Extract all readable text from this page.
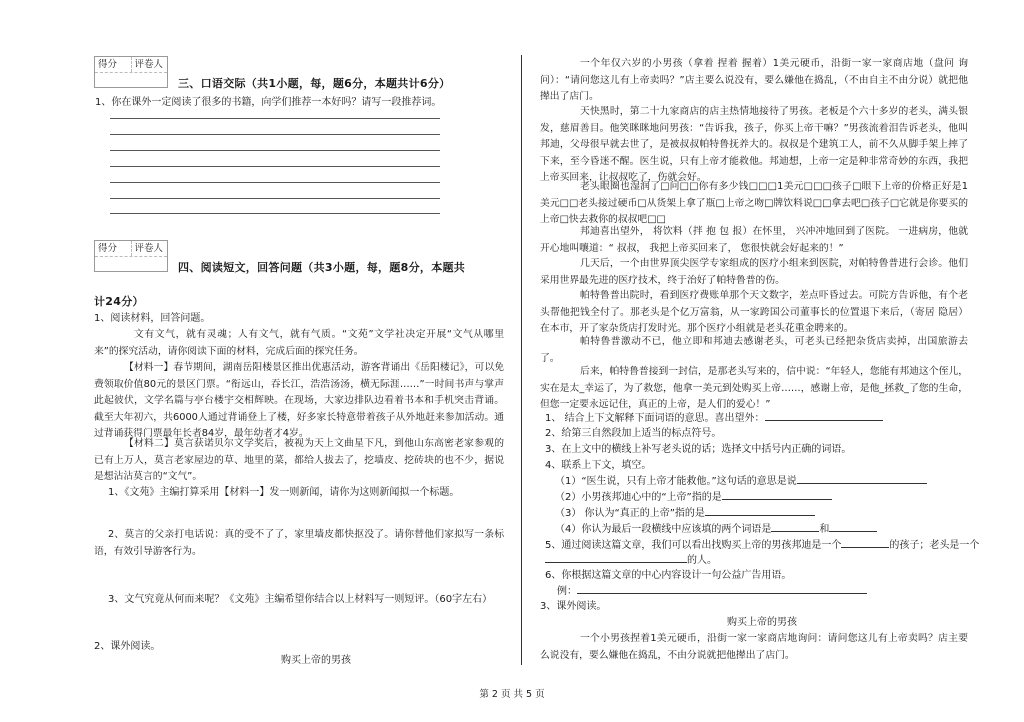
得分	评卷人
三、口语交际（共1小题，每，题6分，本题共计6分）
1、你在课外一定阅读了很多的书籍，向学们推荐一本好吗？请写一段推荐词。
得分	评卷人
四、阅读短文，回答问题（共3小题，每，题8分，本题共
计24分）
1、阅读材料，回答问题。
文有文气，就有灵魂；人有文气，就有气质。“文苑”文学社决定开展“文气从哪里来”的探究活动，请你阅读下面的材料，完成后面的探究任务。
【材料一】春节期间，湖南岳阳楼景区推出优惠活动，游客背诵出《岳阳楼记》，可以免费领取价值80元的景区门票。“衔远山，吞长江，浩浩汤汤，横无际涯……”一时间书声与掌声此起彼伏，文学名篇与亭台楼宇交相辉映。在现场，大家边排队边看着书本和手机突击背诵。截至大年初六，共6000人通过背诵登上了楼，好多家长特意带着孩子从外地赶来参加活动。通过背诵获得门票最年长者84岁，最年幼者才4岁。
【材料二】莫言获诺贝尔文学奖后，被视为天上文曲星下凡，到他山东高密老家参观的已有上万人，莫言老家屋边的草、地里的菜，都给人拔去了，挖墙皮、挖砖块的也不少，据说是想沾沾莫言的“文气”。
1、《文苑》主编打算采用【材料一】发一则新闻，请你为这则新闻拟一个标题。
2、莫言的父亲打电话说：真的受不了了，家里墙皮都快抠没了。请你替他们家拟写一条标语，有效引导游客行为。
3、文气究竟从何而来呢？《文苑》主编希望你结合以上材料写一则短评。（60字左右）
2、课外阅读。
购买上帝的男孩
一个年仅六岁的小男孩（拿着 捏着 握着）1美元硬币，沿街一家一家商店地（盘问 询问）：“请问您这儿有上帝卖吗？”店主要么说没有，要么嫌他在捣乱，（不由自主不由分说）就把他撵出了店门。
天快黑时，第二十九家商店的店主热情地接待了男孩。老板是个六十多岁的老头，满头银发，慈眉善目。他笑眯眯地问男孩：“告诉我，孩子，你买上帝干嘛？”男孩流着泪告诉老头，他叫邦迪，父母很早就去世了，是被叔叔帕特鲁抚养大的。叔叔是个建筑工人，前不久从脚手架上摔了下来，至今昏迷不醒。医生说，只有上帝才能救他。邦迪想，上帝一定是种非常奇妙的东西，我把上帝买回来，让叔叔吃了，伤就会好。
老头眼圈也湿润了□问□□你有多少钱□□□1美元□□□孩子□眼下上帝的价格正好是1美元□□老头接过硬币□从货架上拿了瓶□上帝之吻□牌饮料说□□拿去吧□孩子□它就是你要买的上帝□快去救你的叔叔吧□□
邦迪喜出望外， 将饮料（拌 抱 包 报）在怀里， 兴冲冲地回到了医院。 一进病房，他就开心地叫嚷道：“ 叔叔， 我把上帝买回来了， 您很快就会好起来的！”
几天后，一个由世界顶尖医学专家组成的医疗小组来到医院，对帕特鲁普进行会诊。他们采用世界最先进的医疗技术，终于治好了帕特鲁普的伤。
帕特鲁普出院时，看到医疗费账单那个天文数字，差点吓昏过去。可院方告诉他，有个老头帮他把钱全付了。那老头是个亿万富翁，从一家跨国公司董事长的位置退下来后，（寄居 隐居）在本市，开了家杂货店打发时光。那个医疗小组就是老头花重金聘来的。
帕特鲁普激动不已，他立即和邦迪去感谢老头，可老头已经把杂货店卖掉，出国旅游去了。
后来，帕特鲁普接到一封信，是那老头写来的，信中说：“年轻人，您能有邦迪这个侄儿，实在是太_幸运了，为了救您，他拿一美元到处购买上帝……，感谢上帝，是他_拯救_了您的生命，但您一定要永远记住，真正的上帝，是人们的爱心！”
1、 结合上下文解释下面词语的意思。喜出望外：
2、给第三自然段加上适当的标点符号。
3、在上文中的横线上补写老头说的话；选择文中括号内正确的词语。
4、联系上下文，填空。
（1）“医生说，只有上帝才能救他。”这句话的意思是说
（2）小男孩邦迪心中的“上帝”指的是
（3） 你认为“真正的上帝”指的是
（4）你认为最后一段横线中应该填的两个词语是	和
5、通过阅读这篇文章，我们可以看出找购买上帝的男孩邦迪是一个	的孩子；老头是一个
的人。
6、你根据这篇文章的中心内容设计一句公益广告用语。
例：
3、课外阅读。
购买上帝的男孩
一个小男孩捏着1美元硬币，沿街一家一家商店地询问：请问您这儿有上帝卖吗？店主要么说没有，要么嫌他在捣乱，不由分说就把他撵出了店门。
第 2 页 共 5 页
